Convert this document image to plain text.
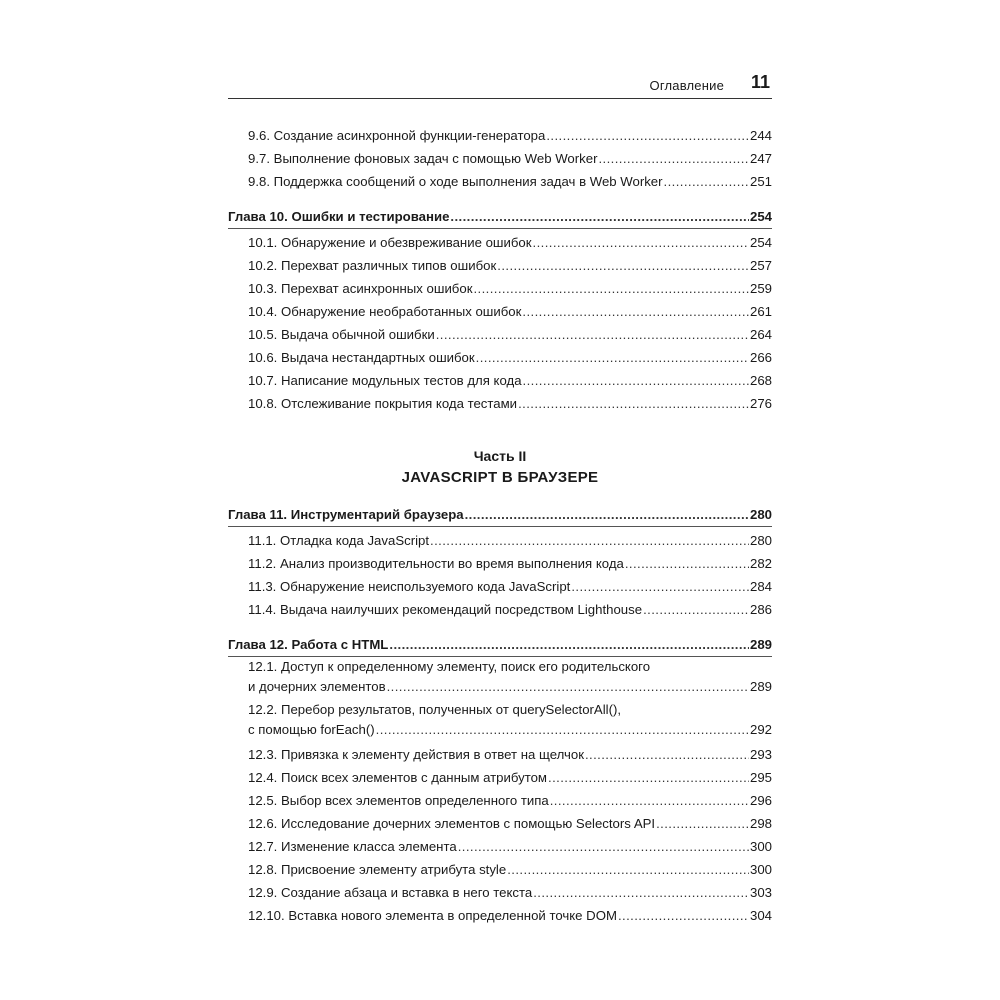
Оглавление 11
9.6. Создание асинхронной функции-генератора .....	244
9.7. Выполнение фоновых задач с помощью Web Worker .....	247
9.8. Поддержка сообщений о ходе выполнения задач в Web Worker .....	251
Глава 10. Ошибки и тестирование .....	254
10.1. Обнаружение и обезвреживание ошибок .....	254
10.2. Перехват различных типов ошибок .....	257
10.3. Перехват асинхронных ошибок .....	259
10.4. Обнаружение необработанных ошибок .....	261
10.5. Выдача обычной ошибки .....	264
10.6. Выдача нестандартных ошибок .....	266
10.7. Написание модульных тестов для кода .....	268
10.8. Отслеживание покрытия кода тестами .....	276
Часть II
JAVASCRIPT В БРАУЗЕРЕ
Глава 11. Инструментарий браузера .....	280
11.1. Отладка кода JavaScript .....	280
11.2. Анализ производительности во время выполнения кода .....	282
11.3. Обнаружение неиспользуемого кода JavaScript .....	284
11.4. Выдача наилучших рекомендаций посредством Lighthouse .....	286
Глава 12. Работа с HTML .....	289
12.1. Доступ к определенному элементу, поиск его родительского
и дочерних элементов .....	289
12.2. Перебор результатов, полученных от querySelectorAll(),
с помощью forEach() .....	292
12.3. Привязка к элементу действия в ответ на щелчок .....	293
12.4. Поиск всех элементов с данным атрибутом .....	295
12.5. Выбор всех элементов определенного типа .....	296
12.6. Исследование дочерних элементов с помощью Selectors API .....	298
12.7. Изменение класса элемента .....	300
12.8. Присвоение элементу атрибута style .....	300
12.9. Создание абзаца и вставка в него текста .....	303
12.10. Вставка нового элемента в определенной точке DOM .....	304
